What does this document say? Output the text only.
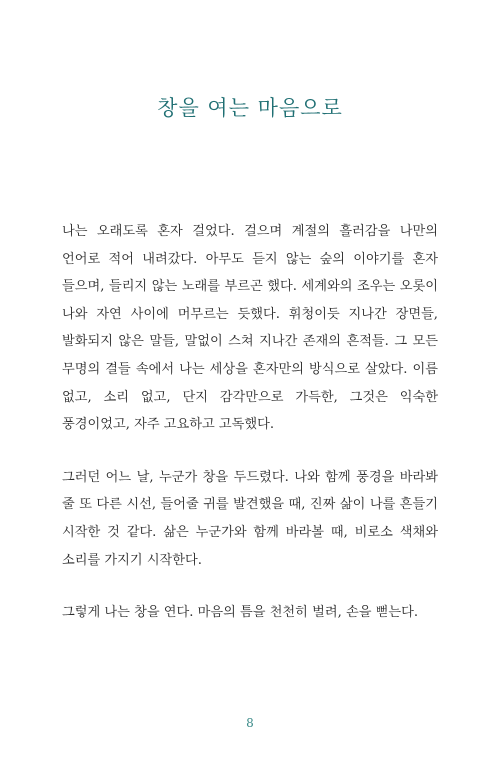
창을 여는 마음으로

나는 오래도록 혼자 걸었다. 걸으며 계절의 흘러감을 나만의 언어로 적어 내려갔다. 아무도 듣지 않는 숲의 이야기를 혼자 들으며, 들리지 않는 노래를 부르곤 했다. 세계와의 조우는 오롯이 나와 자연 사이에 머무르는 듯했다. 휘청이듯 지나간 장면들, 발화되지 않은 말들, 말없이 스쳐 지나간 존재의 흔적들. 그 모든 무명의 결들 속에서 나는 세상을 혼자만의 방식으로 살았다. 이름 없고, 소리 없고, 단지 감각만으로 가득한, 그것은 익숙한 풍경이었고, 자주 고요하고 고독했다.

그러던 어느 날, 누군가 창을 두드렸다. 나와 함께 풍경을 바라봐 줄 또 다른 시선, 들어줄 귀를 발견했을 때, 진짜 삶이 나를 흔들기 시작한 것 같다. 삶은 누군가와 함께 바라볼 때, 비로소 색채와 소리를 가지기 시작한다.

그렇게 나는 창을 연다. 마음의 틈을 천천히 벌려, 손을 뻗는다.

8
